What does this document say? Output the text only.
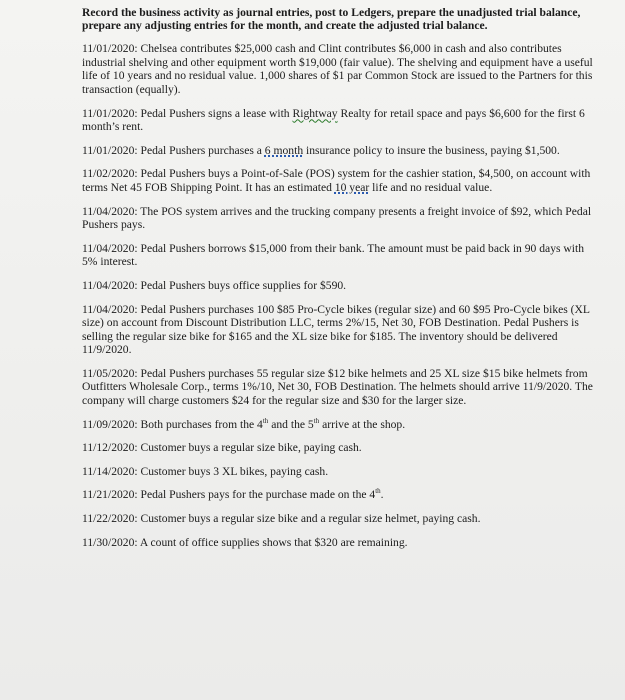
Record the business activity as journal entries, post to Ledgers, prepare the unadjusted trial balance, prepare any adjusting entries for the month, and create the adjusted trial balance.

11/01/2020: Chelsea contributes $25,000 cash and Clint contributes $6,000 in cash and also contributes industrial shelving and other equipment worth $19,000 (fair value). The shelving and equipment have a useful life of 10 years and no residual value. 1,000 shares of $1 par Common Stock are issued to the Partners for this transaction (equally).

11/01/2020: Pedal Pushers signs a lease with Rightway Realty for retail space and pays $6,600 for the first 6 month’s rent.

11/01/2020: Pedal Pushers purchases a 6 month insurance policy to insure the business, paying $1,500.

11/02/2020: Pedal Pushers buys a Point-of-Sale (POS) system for the cashier station, $4,500, on account with terms Net 45 FOB Shipping Point. It has an estimated 10 year life and no residual value.

11/04/2020: The POS system arrives and the trucking company presents a freight invoice of $92, which Pedal Pushers pays.

11/04/2020: Pedal Pushers borrows $15,000 from their bank. The amount must be paid back in 90 days with 5% interest.

11/04/2020: Pedal Pushers buys office supplies for $590.

11/04/2020: Pedal Pushers purchases 100 $85 Pro-Cycle bikes (regular size) and 60 $95 Pro-Cycle bikes (XL size) on account from Discount Distribution LLC, terms 2%/15, Net 30, FOB Destination. Pedal Pushers is selling the regular size bike for $165 and the XL size bike for $185. The inventory should be delivered 11/9/2020.

11/05/2020: Pedal Pushers purchases 55 regular size $12 bike helmets and 25 XL size $15 bike helmets from Outfitters Wholesale Corp., terms 1%/10, Net 30, FOB Destination. The helmets should arrive 11/9/2020. The company will charge customers $24 for the regular size and $30 for the larger size.

11/09/2020: Both purchases from the 4th and the 5th arrive at the shop.

11/12/2020: Customer buys a regular size bike, paying cash.

11/14/2020: Customer buys 3 XL bikes, paying cash.

11/21/2020: Pedal Pushers pays for the purchase made on the 4th.

11/22/2020: Customer buys a regular size bike and a regular size helmet, paying cash.

11/30/2020: A count of office supplies shows that $320 are remaining.
